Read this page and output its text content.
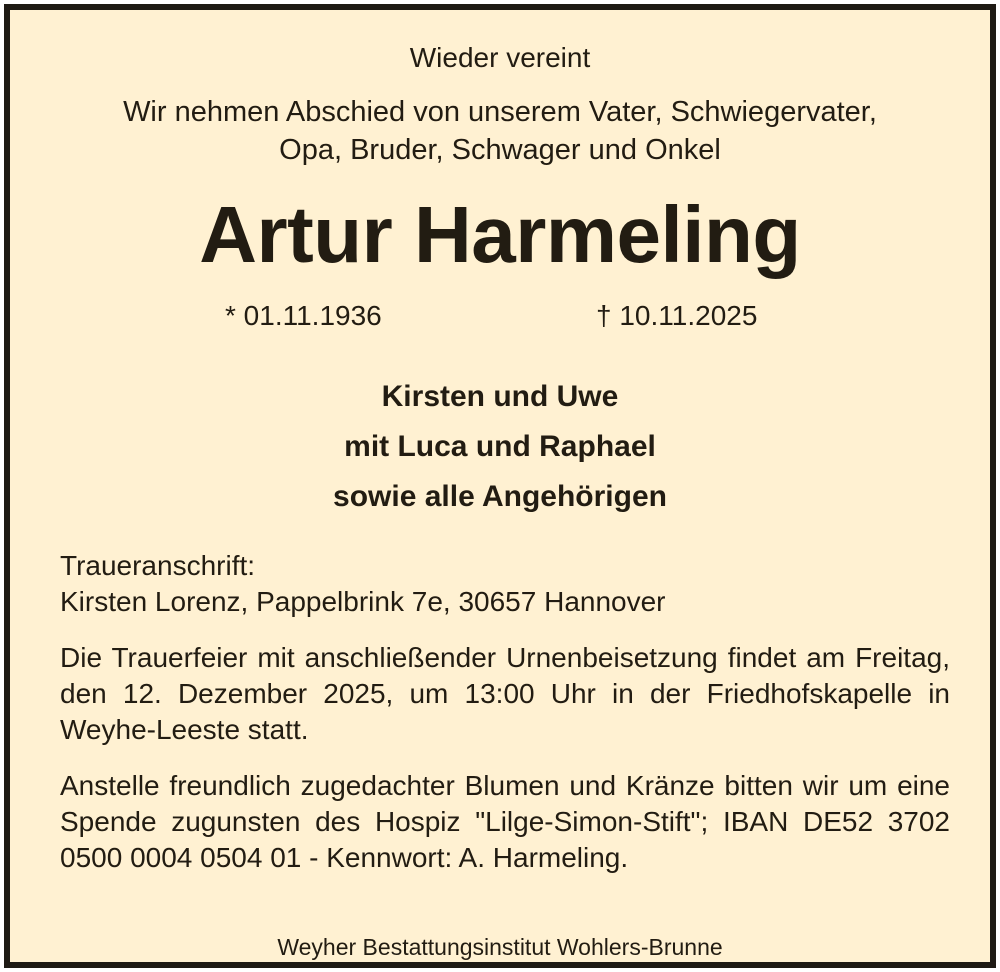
Wieder vereint
Wir nehmen Abschied von unserem Vater, Schwiegervater,
Opa, Bruder, Schwager und Onkel
Artur Harmeling
* 01.11.1936	† 10.11.2025
Kirsten und Uwe
mit Luca und Raphael
sowie alle Angehörigen
Traueranschrift:
Kirsten Lorenz, Pappelbrink 7e, 30657 Hannover
Die Trauerfeier mit anschließender Urnenbeisetzung findet am Freitag, den 12. Dezember 2025, um 13:00 Uhr in der Friedhofskapelle in Weyhe-Leeste statt.
Anstelle freundlich zugedachter Blumen und Kränze bitten wir um eine Spende zugunsten des Hospiz "Lilge-Simon-Stift"; IBAN DE52 3702 0500 0004 0504 01 - Kennwort: A. Harmeling.
Weyher Bestattungsinstitut Wohlers-Brunne
